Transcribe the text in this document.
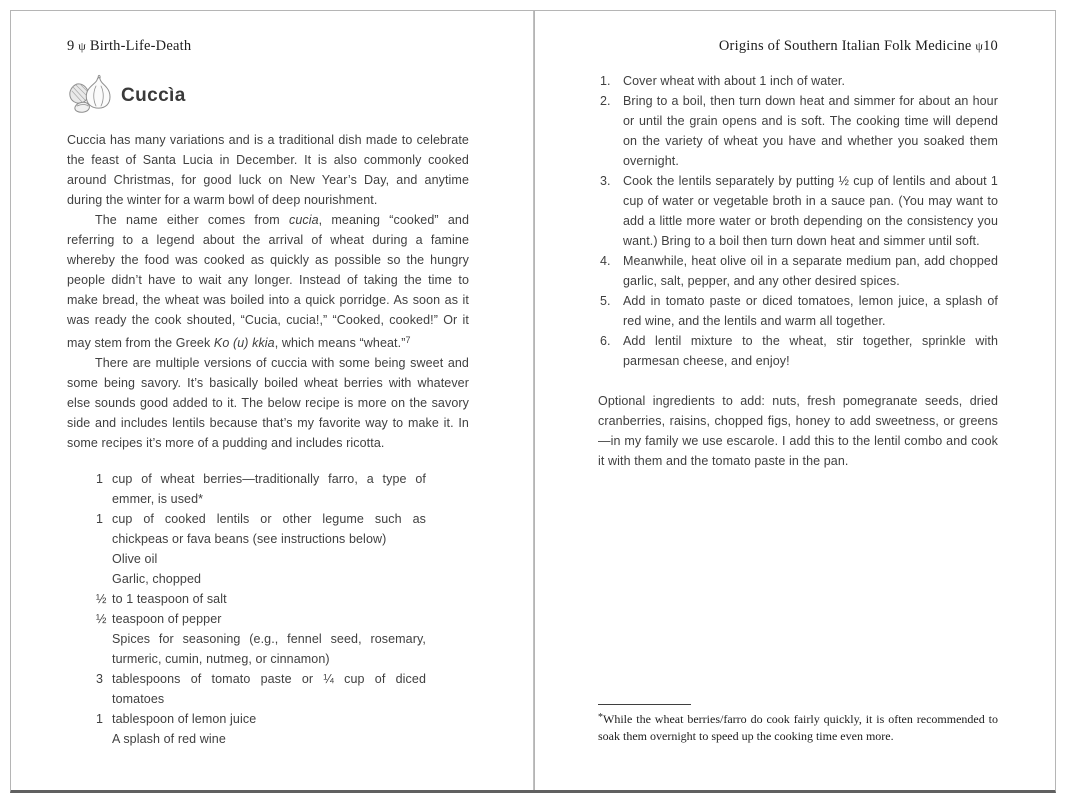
9 ψ Birth-Life-Death
Cuccìa

Cuccia has many variations and is a traditional dish made to celebrate the feast of Santa Lucia in December. It is also commonly cooked around Christmas, for good luck on New Year’s Day, and anytime during the winter for a warm bowl of deep nourishment.

The name either comes from cucia, meaning “cooked” and referring to a legend about the arrival of wheat during a famine whereby the food was cooked as quickly as possible so the hungry people didn’t have to wait any longer. Instead of taking the time to make bread, the wheat was boiled into a quick porridge. As soon as it was ready the cook shouted, “Cucia, cucia!,” “Cooked, cooked!” Or it may stem from the Greek Ko (u) kkia, which means “wheat.”$^7$

There are multiple versions of cuccia with some being sweet and some being savory. It’s basically boiled wheat berries with whatever else sounds good added to it. The below recipe is more on the savory side and includes lentils because that’s my favorite way to make it. In some recipes it’s more of a pudding and includes ricotta.

1 cup of wheat berries—traditionally farro, a type of emmer, is used*
1 cup of cooked lentils or other legume such as chickpeas or fava beans (see instructions below)
Olive oil
Garlic, chopped
½ to 1 teaspoon of salt
½ teaspoon of pepper
Spices for seasoning (e.g., fennel seed, rosemary, turmeric, cumin, nutmeg, or cinnamon)
3 tablespoons of tomato paste or ¼ cup of diced tomatoes
1 tablespoon of lemon juice
A splash of red wine
Origins of Southern Italian Folk Medicine ψ10
1.	Cover wheat with about 1 inch of water.
2.	Bring to a boil, then turn down heat and simmer for about an hour or until the grain opens and is soft. The cooking time will depend on the variety of wheat you have and whether you soaked them overnight.
3.	Cook the lentils separately by putting ½ cup of lentils and about 1 cup of water or vegetable broth in a sauce pan. (You may want to add a little more water or broth depending on the consistency you want.) Bring to a boil then turn down heat and simmer until soft.
4.	Meanwhile, heat olive oil in a separate medium pan, add chopped garlic, salt, pepper, and any other desired spices.
5.	Add in tomato paste or diced tomatoes, lemon juice, a splash of red wine, and the lentils and warm all together.
6.	Add lentil mixture to the wheat, stir together, sprinkle with parmesan cheese, and enjoy!

Optional ingredients to add: nuts, fresh pomegranate seeds, dried cranberries, raisins, chopped figs, honey to add sweetness, or greens—in my family we use escarole. I add this to the lentil combo and cook it with them and the tomato paste in the pan.

*While the wheat berries/farro do cook fairly quickly, it is often recommended to soak them overnight to speed up the cooking time even more.
